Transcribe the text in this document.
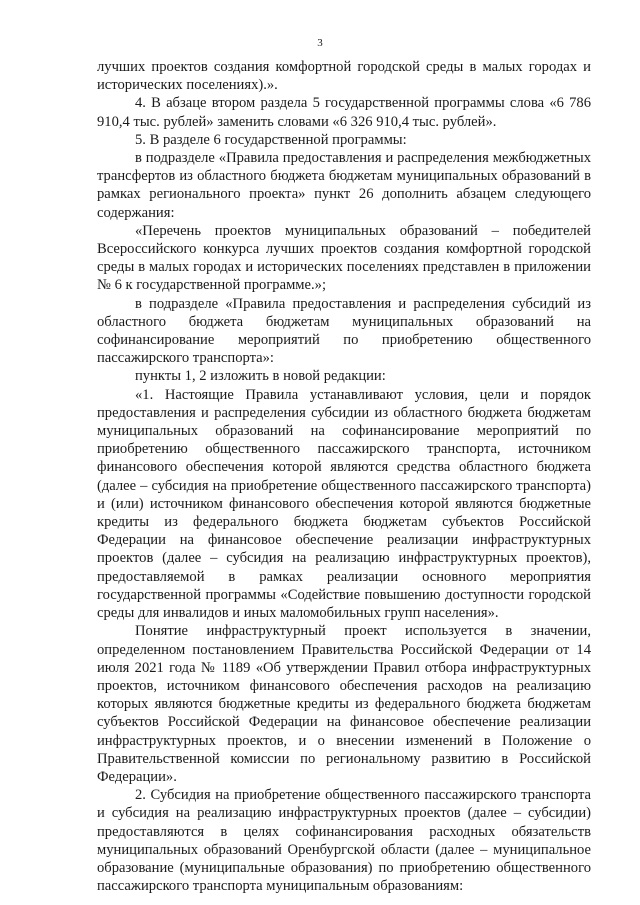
3

лучших проектов создания комфортной городской среды в малых городах и исторических поселениях).».

4. В абзаце втором раздела 5 государственной программы слова «6 786 910,4 тыс. рублей» заменить словами «6 326 910,4 тыс. рублей».

5. В разделе 6 государственной программы:

в подразделе «Правила предоставления и распределения межбюджетных трансфертов из областного бюджета бюджетам муниципальных образований в рамках регионального проекта» пункт 26 дополнить абзацем следующего содержания:

«Перечень проектов муниципальных образований – победителей Всероссийского конкурса лучших проектов создания комфортной городской среды в малых городах и исторических поселениях представлен в приложении № 6 к государственной программе.»;

в подразделе «Правила предоставления и распределения субсидий из областного бюджета бюджетам муниципальных образований на софинансирование мероприятий по приобретению общественного пассажирского транспорта»:

пункты 1, 2 изложить в новой редакции:

«1. Настоящие Правила устанавливают условия, цели и порядок предоставления и распределения субсидии из областного бюджета бюджетам муниципальных образований на софинансирование мероприятий по приобретению общественного пассажирского транспорта, источником финансового обеспечения которой являются средства областного бюджета (далее – субсидия на приобретение общественного пассажирского транспорта) и (или) источником финансового обеспечения которой являются бюджетные кредиты из федерального бюджета бюджетам субъектов Российской Федерации на финансовое обеспечение реализации инфраструктурных проектов (далее – субсидия на реализацию инфраструктурных проектов), предоставляемой в рамках реализации основного мероприятия государственной программы «Содействие повышению доступности городской среды для инвалидов и иных маломобильных групп населения».

Понятие инфраструктурный проект используется в значении, определенном постановлением Правительства Российской Федерации от 14 июля 2021 года № 1189 «Об утверждении Правил отбора инфраструктурных проектов, источником финансового обеспечения расходов на реализацию которых являются бюджетные кредиты из федерального бюджета бюджетам субъектов Российской Федерации на финансовое обеспечение реализации инфраструктурных проектов, и о внесении изменений в Положение о Правительственной комиссии по региональному развитию в Российской Федерации».

2. Субсидия на приобретение общественного пассажирского транспорта и субсидия на реализацию инфраструктурных проектов (далее – субсидии) предоставляются в целях софинансирования расходных обязательств муниципальных образований Оренбургской области (далее – муниципальное образование (муниципальные образования) по приобретению общественного пассажирского транспорта муниципальным образованиям:
